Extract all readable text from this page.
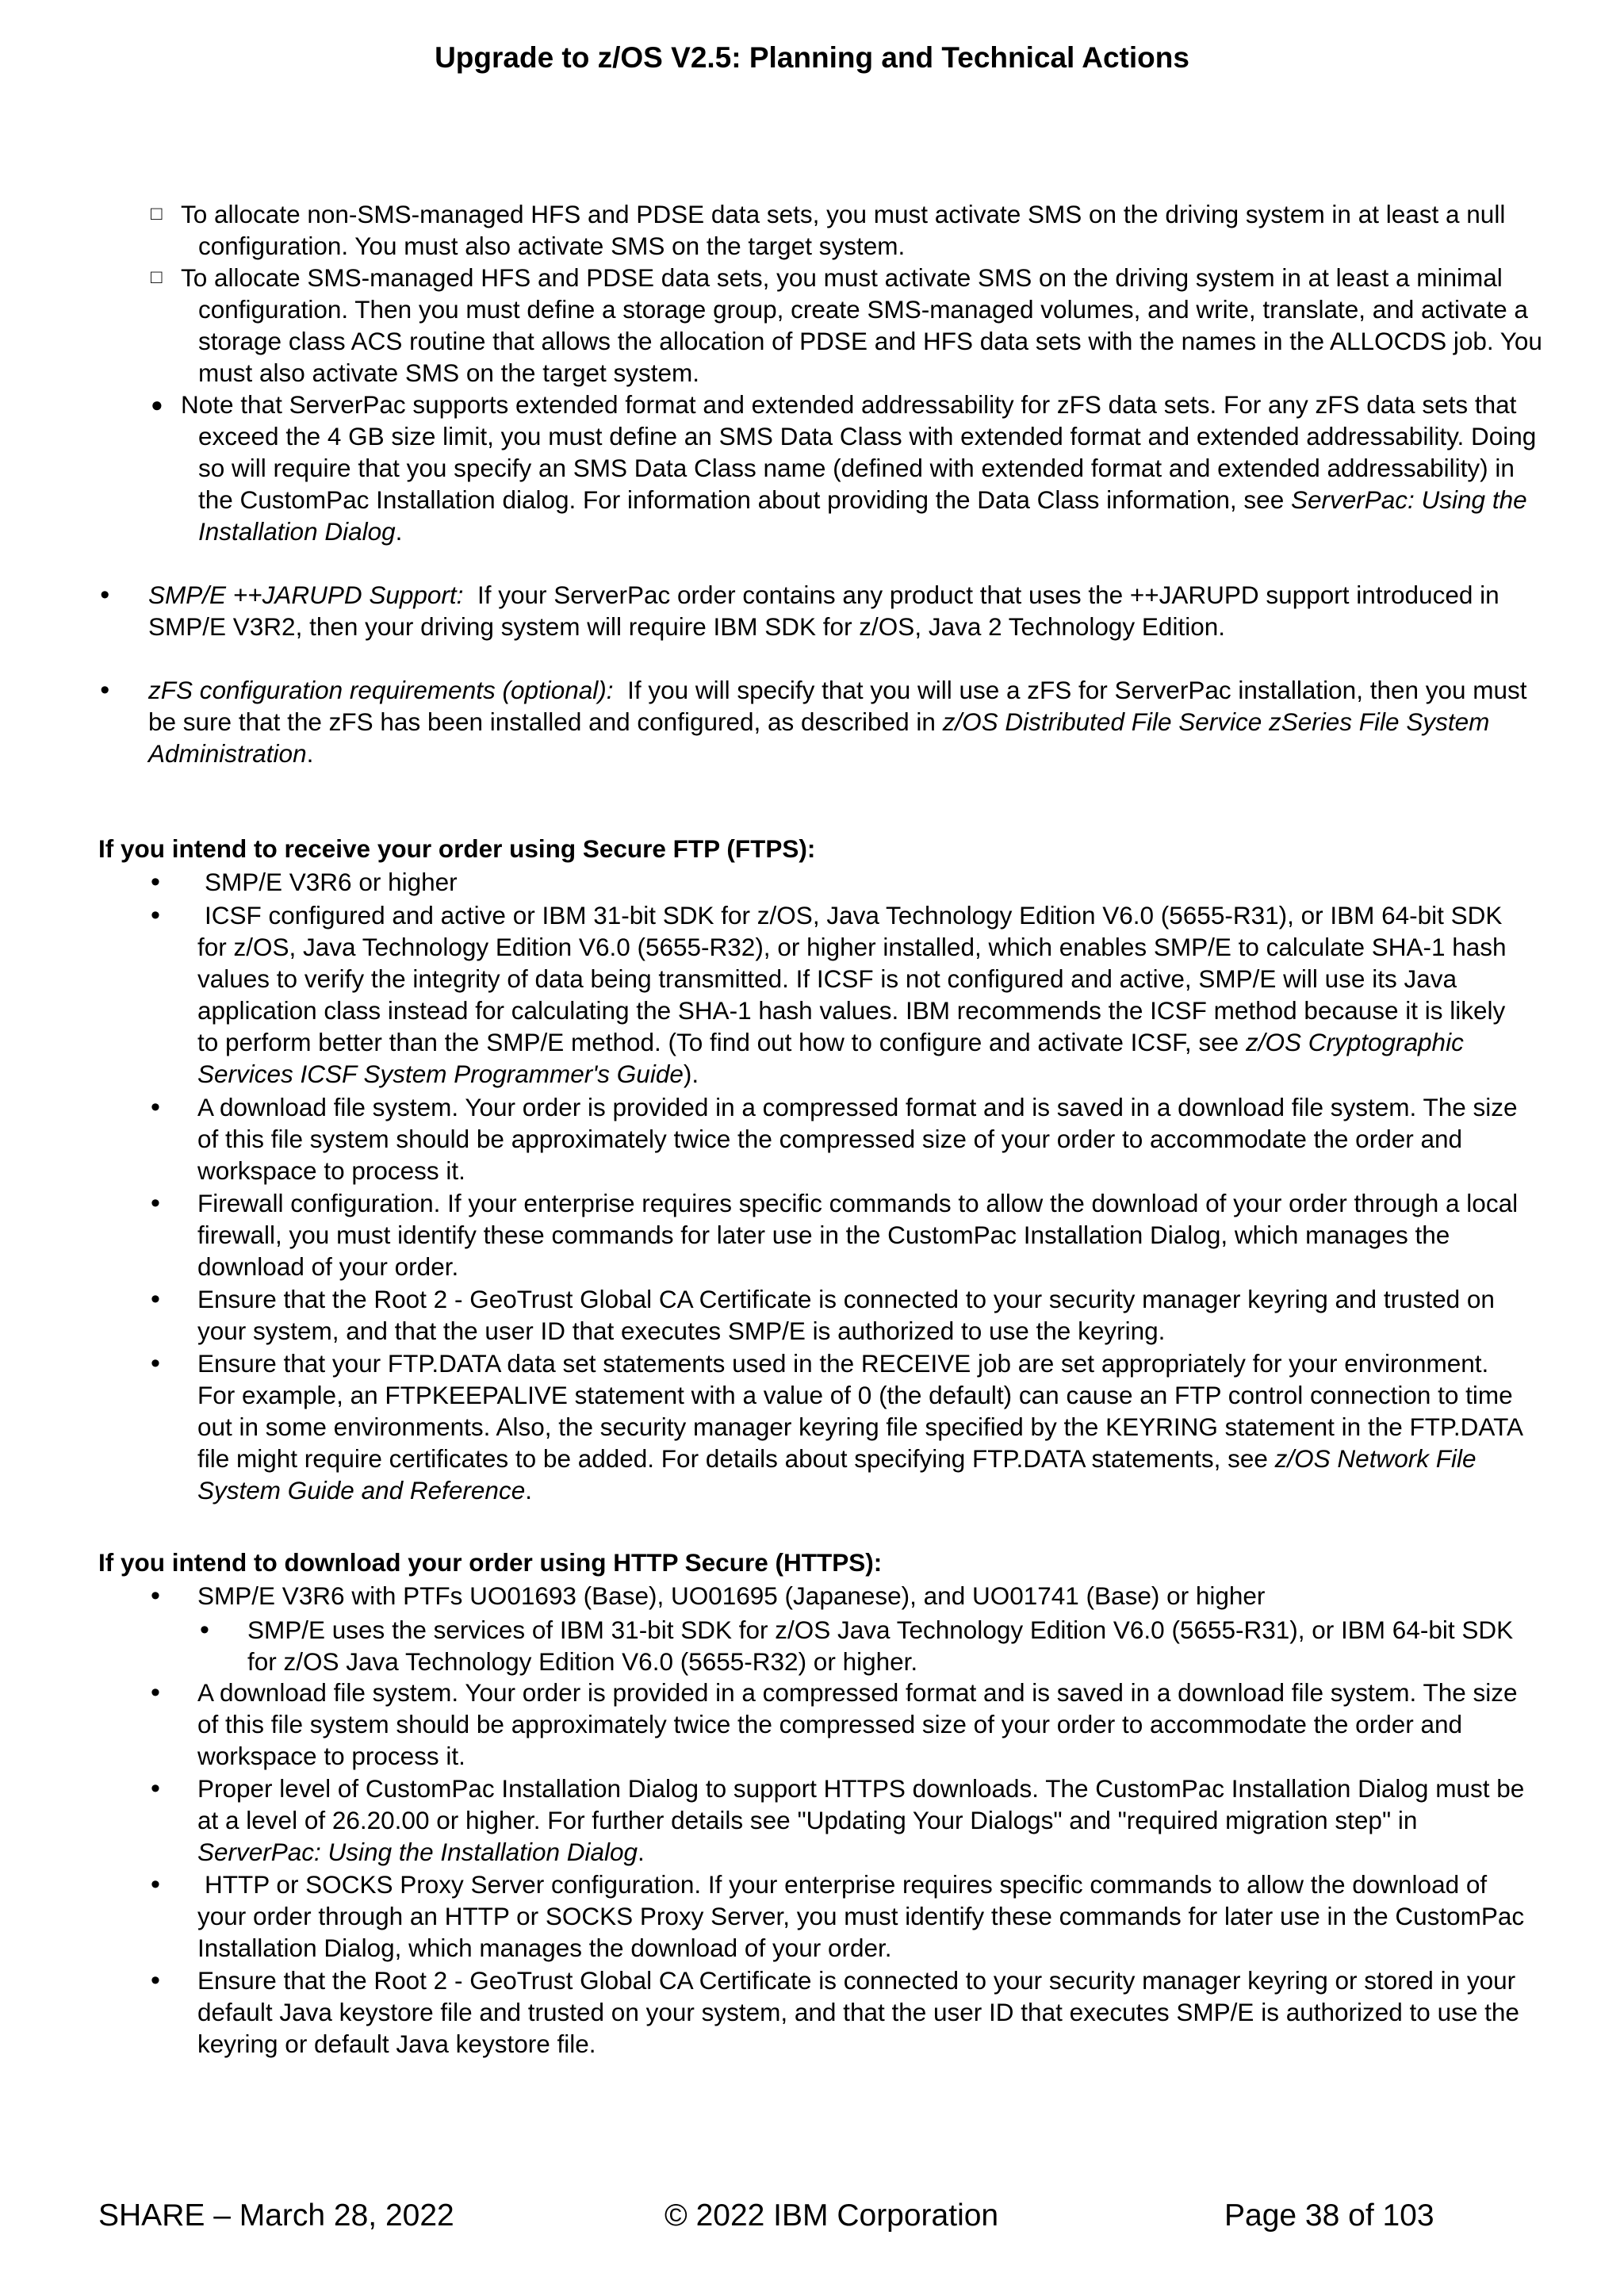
Upgrade to z/OS V2.5: Planning and Technical Actions
□ To allocate non-SMS-managed HFS and PDSE data sets, you must activate SMS on the driving system in at least a null configuration. You must also activate SMS on the target system.
□ To allocate SMS-managed HFS and PDSE data sets, you must activate SMS on the driving system in at least a minimal configuration. Then you must define a storage group, create SMS-managed volumes, and write, translate, and activate a storage class ACS routine that allows the allocation of PDSE and HFS data sets with the names in the ALLOCDS job. You must also activate SMS on the target system.
● Note that ServerPac supports extended format and extended addressability for zFS data sets. For any zFS data sets that exceed the 4 GB size limit, you must define an SMS Data Class with extended format and extended addressability. Doing so will require that you specify an SMS Data Class name (defined with extended format and extended addressability) in the CustomPac Installation dialog. For information about providing the Data Class information, see ServerPac: Using the Installation Dialog.
• SMP/E ++JARUPD Support: If your ServerPac order contains any product that uses the ++JARUPD support introduced in SMP/E V3R2, then your driving system will require IBM SDK for z/OS, Java 2 Technology Edition.
• zFS configuration requirements (optional): If you will specify that you will use a zFS for ServerPac installation, then you must be sure that the zFS has been installed and configured, as described in z/OS Distributed File Service zSeries File System Administration.
If you intend to receive your order using Secure FTP (FTPS):
• SMP/E V3R6 or higher
• ICSF configured and active or IBM 31-bit SDK for z/OS, Java Technology Edition V6.0 (5655-R31), or IBM 64-bit SDK for z/OS, Java Technology Edition V6.0 (5655-R32), or higher installed, which enables SMP/E to calculate SHA-1 hash values to verify the integrity of data being transmitted. If ICSF is not configured and active, SMP/E will use its Java application class instead for calculating the SHA-1 hash values. IBM recommends the ICSF method because it is likely to perform better than the SMP/E method. (To find out how to configure and activate ICSF, see z/OS Cryptographic Services ICSF System Programmer's Guide).
• A download file system. Your order is provided in a compressed format and is saved in a download file system. The size of this file system should be approximately twice the compressed size of your order to accommodate the order and workspace to process it.
• Firewall configuration. If your enterprise requires specific commands to allow the download of your order through a local firewall, you must identify these commands for later use in the CustomPac Installation Dialog, which manages the download of your order.
• Ensure that the Root 2 - GeoTrust Global CA Certificate is connected to your security manager keyring and trusted on your system, and that the user ID that executes SMP/E is authorized to use the keyring.
• Ensure that your FTP.DATA data set statements used in the RECEIVE job are set appropriately for your environment. For example, an FTPKEEPALIVE statement with a value of 0 (the default) can cause an FTP control connection to time out in some environments. Also, the security manager keyring file specified by the KEYRING statement in the FTP.DATA file might require certificates to be added. For details about specifying FTP.DATA statements, see z/OS Network File System Guide and Reference.
If you intend to download your order using HTTP Secure (HTTPS):
• SMP/E V3R6 with PTFs UO01693 (Base), UO01695 (Japanese), and UO01741 (Base) or higher
• SMP/E uses the services of IBM 31-bit SDK for z/OS Java Technology Edition V6.0 (5655-R31), or IBM 64-bit SDK for z/OS Java Technology Edition V6.0 (5655-R32) or higher.
• A download file system. Your order is provided in a compressed format and is saved in a download file system. The size of this file system should be approximately twice the compressed size of your order to accommodate the order and workspace to process it.
• Proper level of CustomPac Installation Dialog to support HTTPS downloads. The CustomPac Installation Dialog must be at a level of 26.20.00 or higher. For further details see "Updating Your Dialogs" and "required migration step" in ServerPac: Using the Installation Dialog.
• HTTP or SOCKS Proxy Server configuration. If your enterprise requires specific commands to allow the download of your order through an HTTP or SOCKS Proxy Server, you must identify these commands for later use in the CustomPac Installation Dialog, which manages the download of your order.
• Ensure that the Root 2 - GeoTrust Global CA Certificate is connected to your security manager keyring or stored in your default Java keystore file and trusted on your system, and that the user ID that executes SMP/E is authorized to use the keyring or default Java keystore file.
SHARE – March 28, 2022	© 2022 IBM Corporation	Page 38 of 103
